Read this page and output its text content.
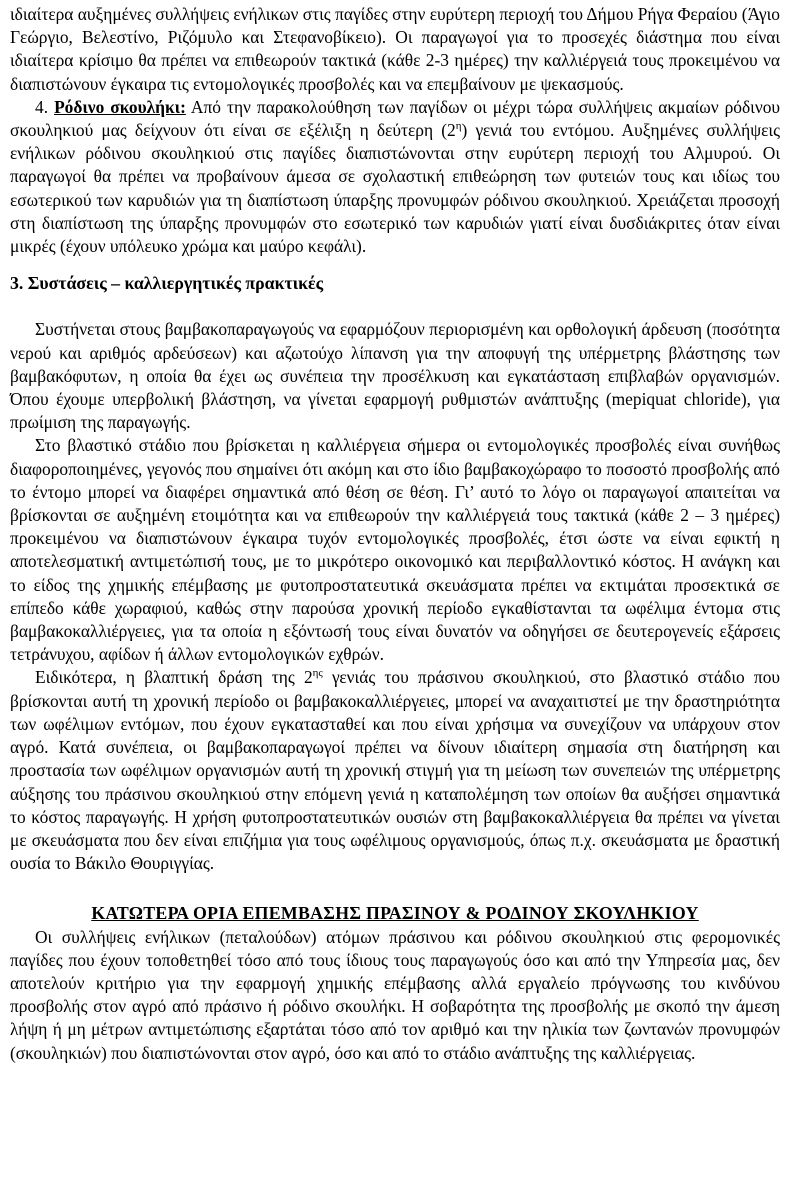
ιδιαίτερα αυξημένες συλλήψεις ενήλικων στις παγίδες στην ευρύτερη περιοχή του Δήμου Ρήγα Φεραίου (Άγιο Γεώργιο, Βελεστίνο, Ριζόμυλο και Στεφανοβίκειο). Οι παραγωγοί για το προσεχές διάστημα που είναι ιδιαίτερα κρίσιμο θα πρέπει να επιθεωρούν τακτικά (κάθε 2-3 ημέρες) την καλλιέργειά τους προκειμένου να διαπιστώνουν έγκαιρα τις εντομολογικές προσβολές και να επεμβαίνουν με ψεκασμούς.

4. Ρόδινο σκουλήκι: Από την παρακολούθηση των παγίδων οι μέχρι τώρα συλλήψεις ακμαίων ρόδινου σκουληκιού μας δείχνουν ότι είναι σε εξέλιξη η δεύτερη $(2^\eta)$ γενιά του εντόμου. Αυξημένες συλλήψεις ενήλικων ρόδινου σκουληκιού στις παγίδες διαπιστώνονται στην ευρύτερη περιοχή του Αλμυρού. Οι παραγωγοί θα πρέπει να προβαίνουν άμεσα σε σχολαστική επιθεώρηση των φυτειών τους και ιδίως του εσωτερικού των καρυδιών για τη διαπίστωση ύπαρξης προνυμφών ρόδινου σκουληκιού. Χρειάζεται προσοχή στη διαπίστωση της ύπαρξης προνυμφών στο εσωτερικό των καρυδιών γιατί είναι δυσδιάκριτες όταν είναι μικρές (έχουν υπόλευκο χρώμα και μαύρο κεφάλι).

3. Συστάσεις – καλλιεργητικές πρακτικές

Συστήνεται στους βαμβακοπαραγωγούς να εφαρμόζουν περιορισμένη και ορθολογική άρδευση (ποσότητα νερού και αριθμός αρδεύσεων) και αζωτούχο λίπανση για την αποφυγή της υπέρμετρης βλάστησης των βαμβακόφυτων, η οποία θα έχει ως συνέπεια την προσέλκυση και εγκατάσταση επιβλαβών οργανισμών. Όπου έχουμε υπερβολική βλάστηση, να γίνεται εφαρμογή ρυθμιστών ανάπτυξης (mepiquat chloride), για πρωίμιση της παραγωγής.

Στο βλαστικό στάδιο που βρίσκεται η καλλιέργεια σήμερα οι εντομολογικές προσβολές είναι συνήθως διαφοροποιημένες, γεγονός που σημαίνει ότι ακόμη και στο ίδιο βαμβακοχώραφο το ποσοστό προσβολής από το έντομο μπορεί να διαφέρει σημαντικά από θέση σε θέση. Γι’ αυτό το λόγο οι παραγωγοί απαιτείται να βρίσκονται σε αυξημένη ετοιμότητα και να επιθεωρούν την καλλιέργειά τους τακτικά (κάθε 2 – 3 ημέρες) προκειμένου να διαπιστώνουν έγκαιρα τυχόν εντομολογικές προσβολές, έτσι ώστε να είναι εφικτή η αποτελεσματική αντιμετώπισή τους, με το μικρότερο οικονομικό και περιβαλλοντικό κόστος. Η ανάγκη και το είδος της χημικής επέμβασης με φυτοπροστατευτικά σκευάσματα πρέπει να εκτιμάται προσεκτικά σε επίπεδο κάθε χωραφιού, καθώς στην παρούσα χρονική περίοδο εγκαθίστανται τα ωφέλιμα έντομα στις βαμβακοκαλλιέργειες, για τα οποία η εξόντωσή τους είναι δυνατόν να οδηγήσει σε δευτερογενείς εξάρσεις τετράνυχου, αφίδων ή άλλων εντομολογικών εχθρών.

Ειδικότερα, η βλαπτική δράση της $2^{\eta\varsigma}$ γενιάς του πράσινου σκουληκιού, στο βλαστικό στάδιο που βρίσκονται αυτή τη χρονική περίοδο οι βαμβακοκαλλιέργειες, μπορεί να αναχαιτιστεί με την δραστηριότητα των ωφέλιμων εντόμων, που έχουν εγκατασταθεί και που είναι χρήσιμα να συνεχίζουν να υπάρχουν στον αγρό. Κατά συνέπεια, οι βαμβακοπαραγωγοί πρέπει να δίνουν ιδιαίτερη σημασία στη διατήρηση και προστασία των ωφέλιμων οργανισμών αυτή τη χρονική στιγμή για τη μείωση των συνεπειών της υπέρμετρης αύξησης του πράσινου σκουληκιού στην επόμενη γενιά η καταπολέμηση των οποίων θα αυξήσει σημαντικά το κόστος παραγωγής. Η χρήση φυτοπροστατευτικών ουσιών στη βαμβακοκαλλιέργεια θα πρέπει να γίνεται με σκευάσματα που δεν είναι επιζήμια για τους ωφέλιμους οργανισμούς, όπως π.χ. σκευάσματα με δραστική ουσία το Βάκιλο Θουριγγίας.

ΚΑΤΩΤΕΡΑ ΟΡΙΑ ΕΠΕΜΒΑΣΗΣ ΠΡΑΣΙΝΟΥ & ΡΟΔΙΝΟΥ ΣΚΟΥΛΗΚΙΟΥ

Οι συλλήψεις ενήλικων (πεταλούδων) ατόμων πράσινου και ρόδινου σκουληκιού στις φερομονικές παγίδες που έχουν τοποθετηθεί τόσο από τους ίδιους τους παραγωγούς όσο και από την Υπηρεσία μας, δεν αποτελούν κριτήριο για την εφαρμογή χημικής επέμβασης αλλά εργαλείο πρόγνωσης του κινδύνου προσβολής στον αγρό από πράσινο ή ρόδινο σκουλήκι. Η σοβαρότητα της προσβολής με σκοπό την άμεση λήψη ή μη μέτρων αντιμετώπισης εξαρτάται τόσο από τον αριθμό και την ηλικία των ζωντανών προνυμφών (σκουληκιών) που διαπιστώνονται στον αγρό, όσο και από το στάδιο ανάπτυξης της καλλιέργειας.
